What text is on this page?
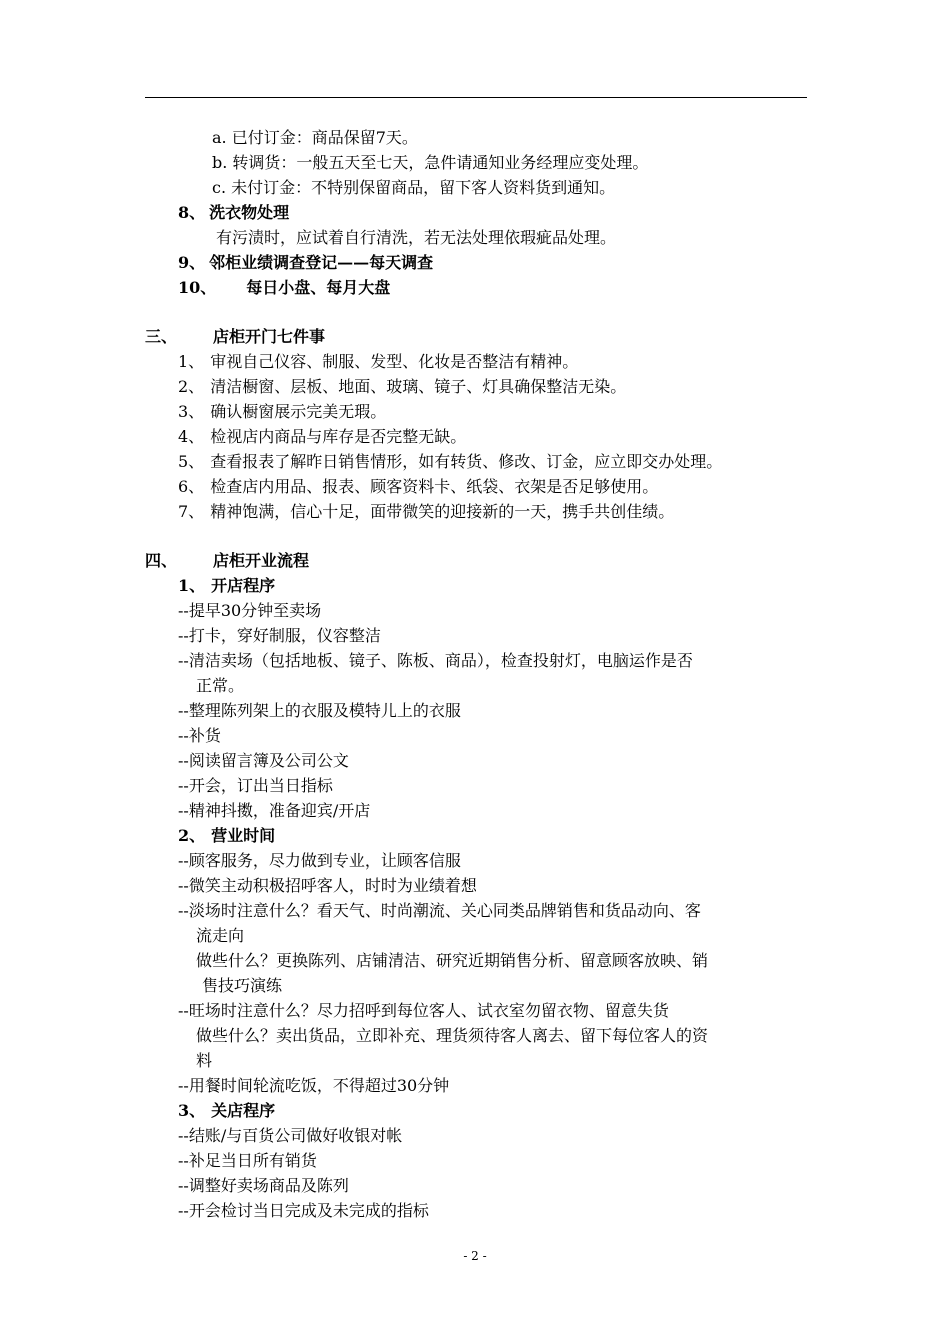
a. 已付订金：商品保留7天。
b. 转调货：一般五天至七天，急件请通知业务经理应变处理。
c. 未付订金：不特别保留商品，留下客人资料货到通知。
8、 洗衣物处理
有污渍时，应试着自行清洗，若无法处理依瑕疵品处理。
9、 邻柜业绩调查登记——每天调查
10、 每日小盘、每月大盘
三、 店柜开门七件事
1、 审视自己仪容、制服、发型、化妆是否整洁有精神。
2、 清洁橱窗、层板、地面、玻璃、镜子、灯具确保整洁无染。
3、 确认橱窗展示完美无瑕。
4、 检视店内商品与库存是否完整无缺。
5、 查看报表了解昨日销售情形，如有转货、修改、订金，应立即交办处理。
6、 检查店内用品、报表、顾客资料卡、纸袋、衣架是否足够使用。
7、 精神饱满，信心十足，面带微笑的迎接新的一天，携手共创佳绩。
四、 店柜开业流程
1、 开店程序
--提早30分钟至卖场
--打卡，穿好制服，仪容整洁
--清洁卖场（包括地板、镜子、陈板、商品），检查投射灯，电脑运作是否
正常。
--整理陈列架上的衣服及模特儿上的衣服
--补货
--阅读留言簿及公司公文
--开会，订出当日指标
--精神抖擞，准备迎宾/开店
2、 营业时间
--顾客服务，尽力做到专业，让顾客信服
--微笑主动积极招呼客人，时时为业绩着想
--淡场时注意什么？看天气、时尚潮流、关心同类品牌销售和货品动向、客
流走向
做些什么？更换陈列、店铺清洁、研究近期销售分析、留意顾客放映、销
售技巧演练
--旺场时注意什么？尽力招呼到每位客人、试衣室勿留衣物、留意失货
做些什么？卖出货品，立即补充、理货须待客人离去、留下每位客人的资
料
--用餐时间轮流吃饭，不得超过30分钟
3、 关店程序
--结账/与百货公司做好收银对帐
--补足当日所有销货
--调整好卖场商品及陈列
--开会检讨当日完成及未完成的指标
- 2 -
